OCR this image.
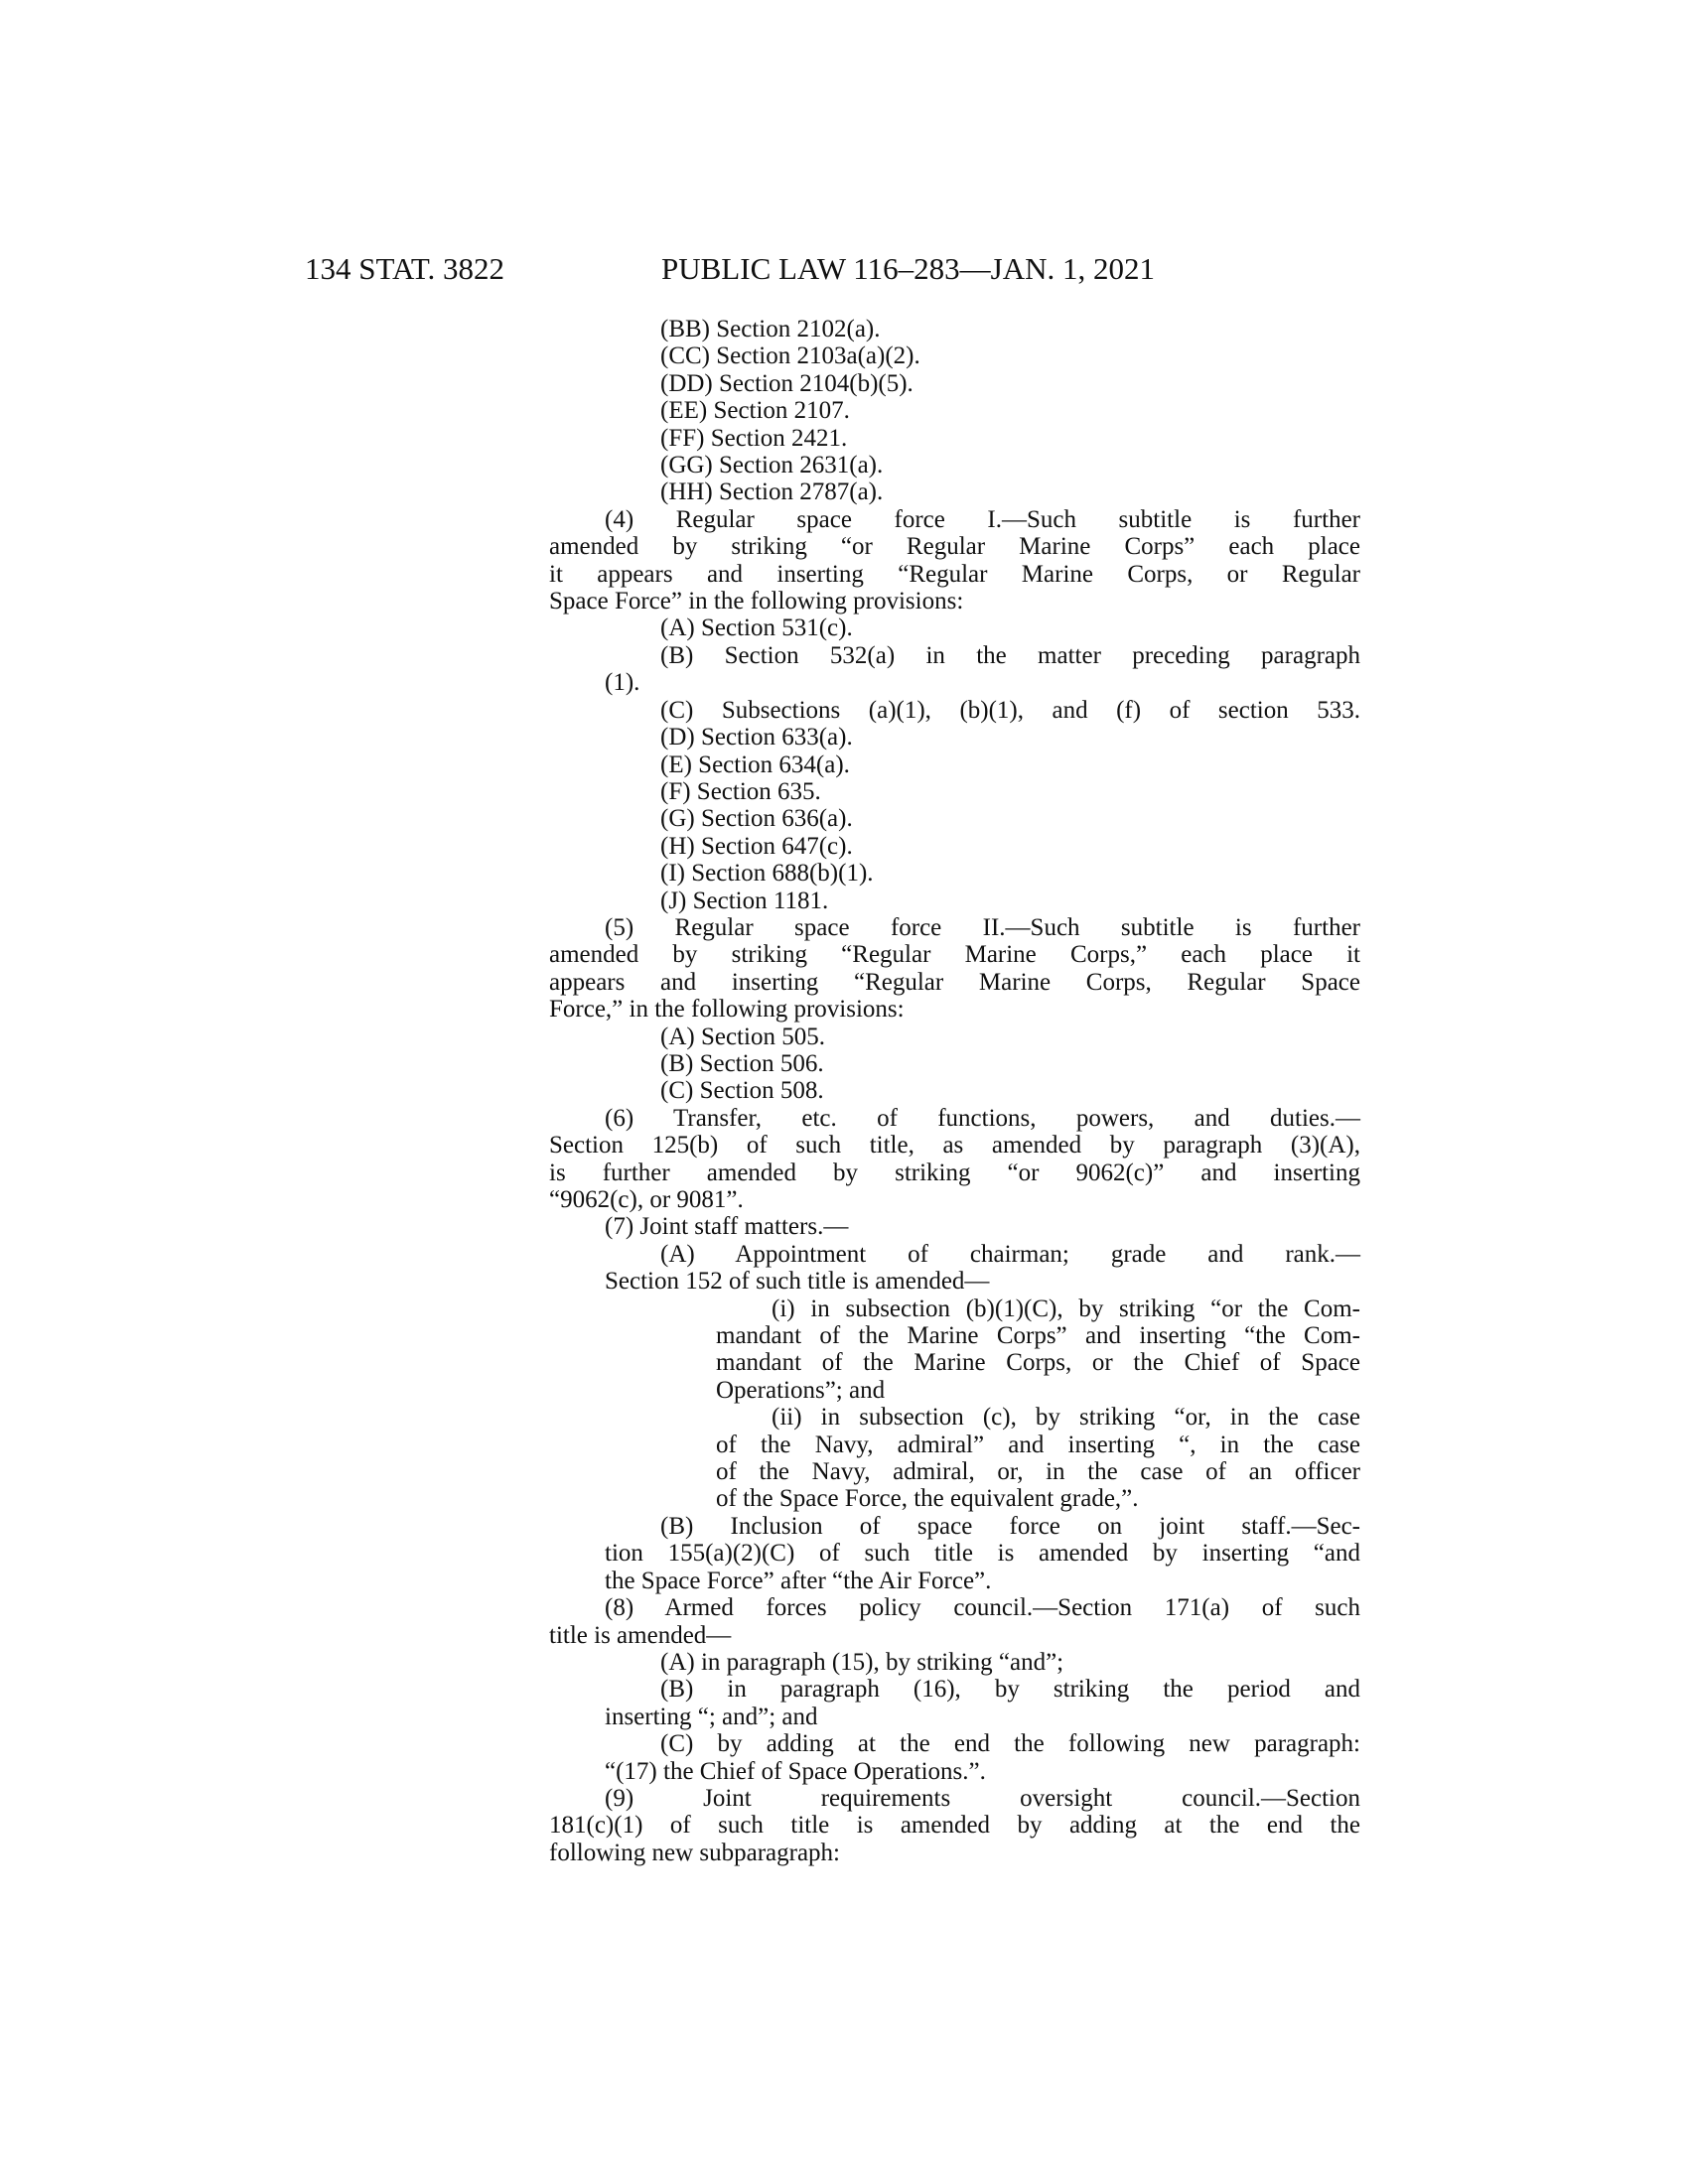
134 STAT. 3822	PUBLIC LAW 116–283—JAN. 1, 2021
(BB) Section 2102(a).
(CC) Section 2103a(a)(2).
(DD) Section 2104(b)(5).
(EE) Section 2107.
(FF) Section 2421.
(GG) Section 2631(a).
(HH) Section 2787(a).
(4) Regular space force I.—Such subtitle is further
amended by striking “or Regular Marine Corps” each place
it appears and inserting “Regular Marine Corps, or Regular
Space Force” in the following provisions:
(A) Section 531(c).
(B) Section 532(a) in the matter preceding paragraph
(1).
(C) Subsections (a)(1), (b)(1), and (f) of section 533.
(D) Section 633(a).
(E) Section 634(a).
(F) Section 635.
(G) Section 636(a).
(H) Section 647(c).
(I) Section 688(b)(1).
(J) Section 1181.
(5) Regular space force II.—Such subtitle is further
amended by striking “Regular Marine Corps,” each place it
appears and inserting “Regular Marine Corps, Regular Space
Force,” in the following provisions:
(A) Section 505.
(B) Section 506.
(C) Section 508.
(6) Transfer, etc. of functions, powers, and duties.—
Section 125(b) of such title, as amended by paragraph (3)(A),
is further amended by striking “or 9062(c)” and inserting
“9062(c), or 9081”.
(7) Joint staff matters.—
(A) Appointment of chairman; grade and rank.—
Section 152 of such title is amended—
(i) in subsection (b)(1)(C), by striking “or the Com-
mandant of the Marine Corps” and inserting “the Com-
mandant of the Marine Corps, or the Chief of Space
Operations”; and
(ii) in subsection (c), by striking “or, in the case
of the Navy, admiral” and inserting “, in the case
of the Navy, admiral, or, in the case of an officer
of the Space Force, the equivalent grade,”.
(B) Inclusion of space force on joint staff.—Sec-
tion 155(a)(2)(C) of such title is amended by inserting “and
the Space Force” after “the Air Force”.
(8) Armed forces policy council.—Section 171(a) of such
title is amended—
(A) in paragraph (15), by striking “and”;
(B) in paragraph (16), by striking the period and
inserting “; and”; and
(C) by adding at the end the following new paragraph:
“(17) the Chief of Space Operations.”.
(9) Joint requirements oversight council.—Section
181(c)(1) of such title is amended by adding at the end the
following new subparagraph:
